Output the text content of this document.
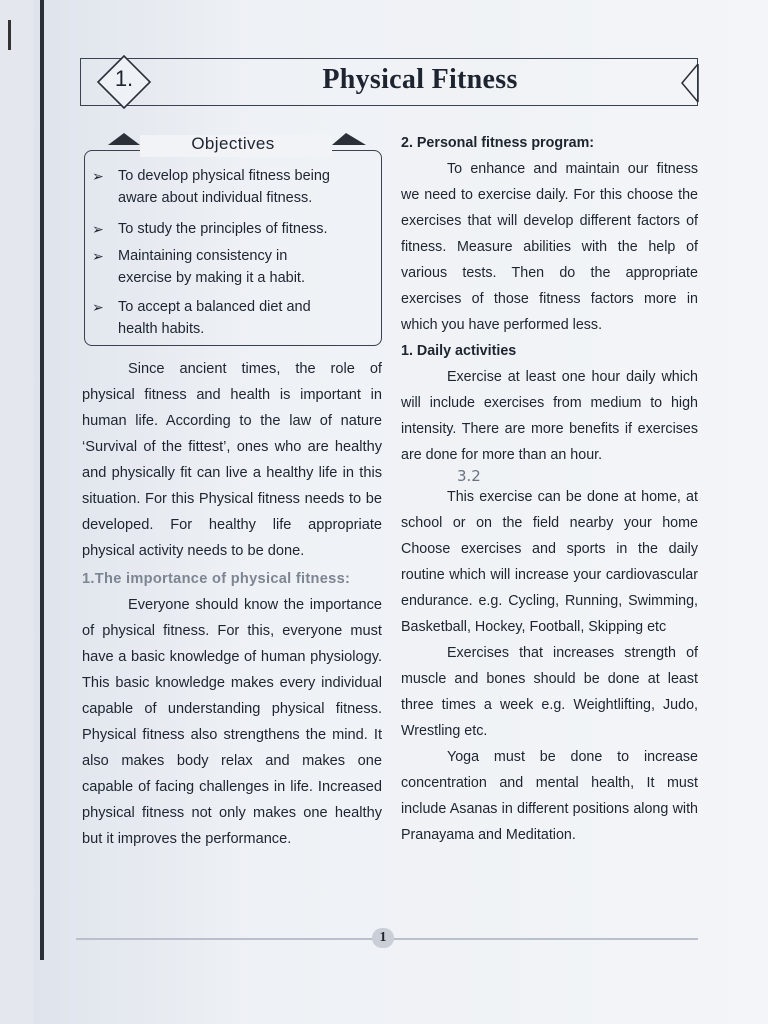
1.	Physical Fitness
Objectives
➢ To develop physical fitness being
aware about individual fitness.
➢ To study the principles of fitness.
➢ Maintaining consistency in
exercise by making it a habit.
➢ To accept a balanced diet and
health habits.

Since ancient times, the role of physical fitness and health is important in human life. According to the law of nature ‘Survival of the fittest’, ones who are healthy and physically fit can live a healthy life in this situation. For this Physical fitness needs to be developed. For healthy life appropriate physical activity needs to be done.

1.The importance of physical fitness:

Everyone should know the importance of physical fitness. For this, everyone must have a basic knowledge of human physiology. This basic knowledge makes every individual capable of understanding physical fitness. Physical fitness also strengthens the mind. It also makes body relax and makes one capable of facing challenges in life. Increased physical fitness not only makes one healthy but it improves the performance.

2. Personal fitness program:

To enhance and maintain our fitness we need to exercise daily. For this choose the exercises that will develop different factors of fitness. Measure abilities with the help of various tests. Then do the appropriate exercises of those fitness factors more in which you have performed less.

1. Daily activities

Exercise at least one hour daily which will include exercises from medium to high intensity. There are more benefits if exercises are done for more than an hour.

3.2

This exercise can be done at home, at school or on the field nearby your home Choose exercises and sports in the daily routine which will increase your cardiovascular endurance. e.g. Cycling, Running, Swimming, Basketball, Hockey, Football, Skipping etc

Exercises that increases strength of muscle and bones should be done at least three times a week e.g. Weightlifting, Judo, Wrestling etc.

Yoga must be done to increase concentration and mental health, It must include Asanas in different positions along with Pranayama and Meditation.

1
